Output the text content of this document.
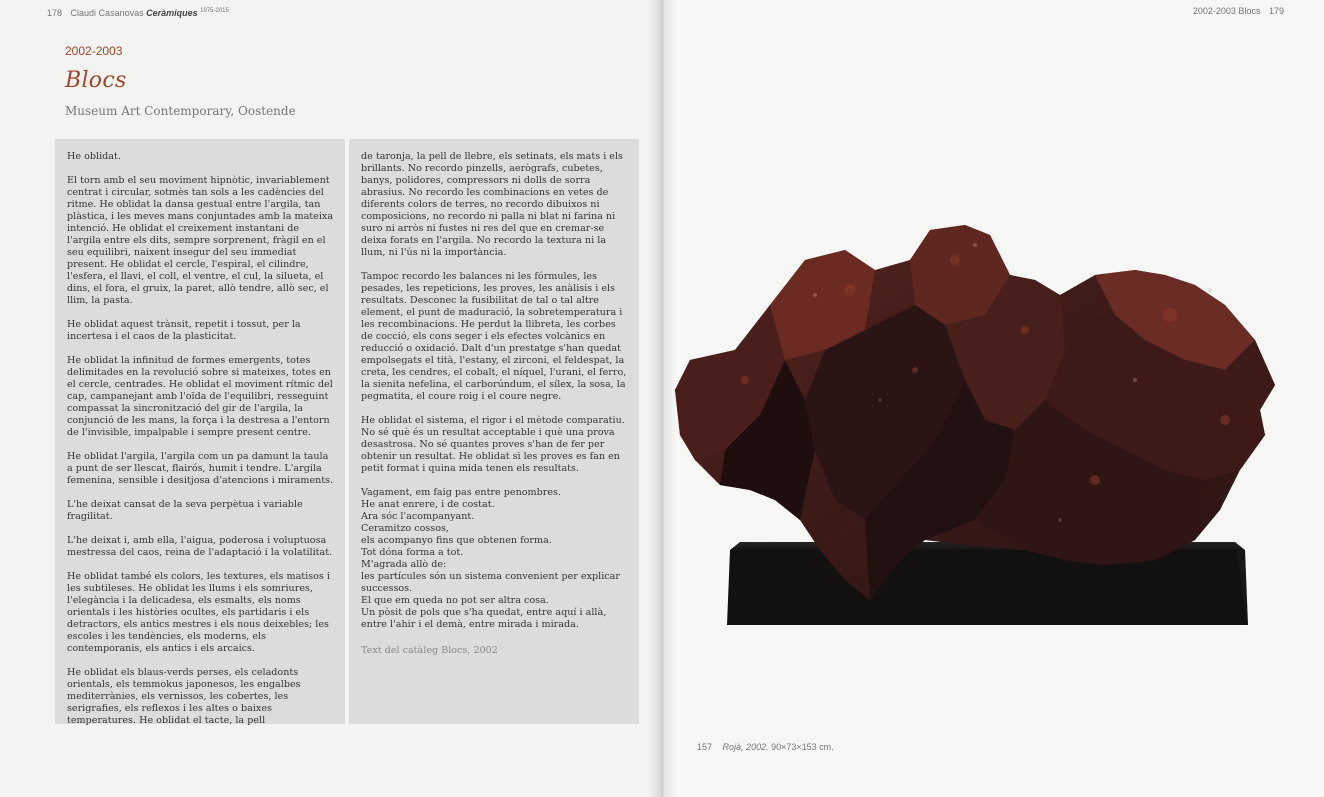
178 Claudi Casanovas Ceràmiques $^{1975-2015}$
2002-2003
Blocs
Museum Art Contemporary, Oostende

He oblidat.

El torn amb el seu moviment hipnòtic, invariablement centrat i circular, sotmès tan sols a les cadències del ritme. He oblidat la dansa gestual entre l'argila, tan plàstica, i les meves mans conjuntades amb la mateixa intenció. He oblidat el creixement instantani de l'argila entre els dits, sempre sorprenent, fràgil en el seu equilibri, naixent insegur del seu immediat present. He oblidat el cercle, l'espiral, el cilindre, l'esfera, el llavi, el coll, el ventre, el cul, la silueta, el dins, el fora, el gruix, la paret, allò tendre, allò sec, el llim, la pasta.

He oblidat aquest trànsit, repetit i tossut, per la incertesa i el caos de la plasticitat.

He oblidat la infinitud de formes emergents, totes delimitades en la revolució sobre si mateixes, totes en el cercle, centrades. He oblidat el moviment rítmic del cap, campanejant amb l'oïda de l'equilibri, resseguint compassat la sincronització del gir de l'argila, la conjunció de les mans, la força i la destresa a l'entorn de l'invisible, impalpable i sempre present centre.

He oblidat l'argila, l'argila com un pa damunt la taula a punt de ser llescat, flairós, humit i tendre. L'argila femenina, sensible i desitjosa d'atencions i miraments.

L'he deixat cansat de la seva perpètua i variable fragilitat.

L'he deixat i, amb ella, l'aigua, poderosa i voluptuosa mestressa del caos, reina de l'adaptació i la volatilitat.

He oblidat també els colors, les textures, els matisos i les subtileses. He oblidat les llums i els somriures, l'elegància i la delicadesa, els esmalts, els noms orientals i les històries ocultes, els partidaris i els detractors, els antics mestres i els nous deixebles; les escoles i les tendències, els moderns, els contemporanis, els antics i els arcaics.

He oblidat els blaus-verds perses, els celadonts orientals, els temmokus japonesos, les engalbes mediterrànies, els vernissos, les cobertes, les serigrafies, els reflexos i les altes o baixes temperatures. He oblidat el tacte, la pell

de taronja, la pell de llebre, els setinats, els mats i els brillants. No recordo pinzells, aerògrafs, cubetes, banys, polidores, compressors ni dolls de sorra abrasius. No recordo les combinacions en vetes de diferents colors de terres, no recordo dibuixos ni composicions, no recordo ni palla ni blat ni farina ni suro ni arròs ni fustes ni res del que en cremar-se deixa forats en l'argila. No recordo la textura ni la llum, ni l'ús ni la importància.

Tampoc recordo les balances ni les fórmules, les pesades, les repeticions, les proves, les anàlisis i els resultats. Desconec la fusibilitat de tal o tal altre element, el punt de maduració, la sobretemperatura i les recombinacions. He perdut la llibreta, les corbes de cocció, els cons seger i els efectes volcànics en reducció o oxidació. Dalt d'un prestatge s'han quedat empolsegats el tità, l'estany, el zirconi, el feldespat, la creta, les cendres, el cobalt, el níquel, l'urani, el ferro, la sienita nefelina, el carborúndum, el sílex, la sosa, la pegmatita, el coure roig i el coure negre.

He oblidat el sistema, el rigor i el mètode comparatiu. No sé què és un resultat acceptable i què una prova desastrosa. No sé quantes proves s'han de fer per obtenir un resultat. He oblidat si les proves es fan en petit format i quina mida tenen els resultats.

Vagament, em faig pas entre penombres.

He anat enrere, i de costat.

Ara sóc l'acompanyant.

Ceramitzo cossos,

els acompanyo fins que obtenen forma.

Tot dóna forma a tot.

M'agrada allò de:

les partícules són un sistema convenient per explicar successos.

El que em queda no pot ser altra cosa.

Un pòsit de pols que s'ha quedat, entre aquí i allà,

entre l'ahir i el demà, entre mirada i mirada.

Text del catàleg Blocs, 2002

2002-2003 Blocs 179
157 Rojà, 2002. 90×73×153 cm.
